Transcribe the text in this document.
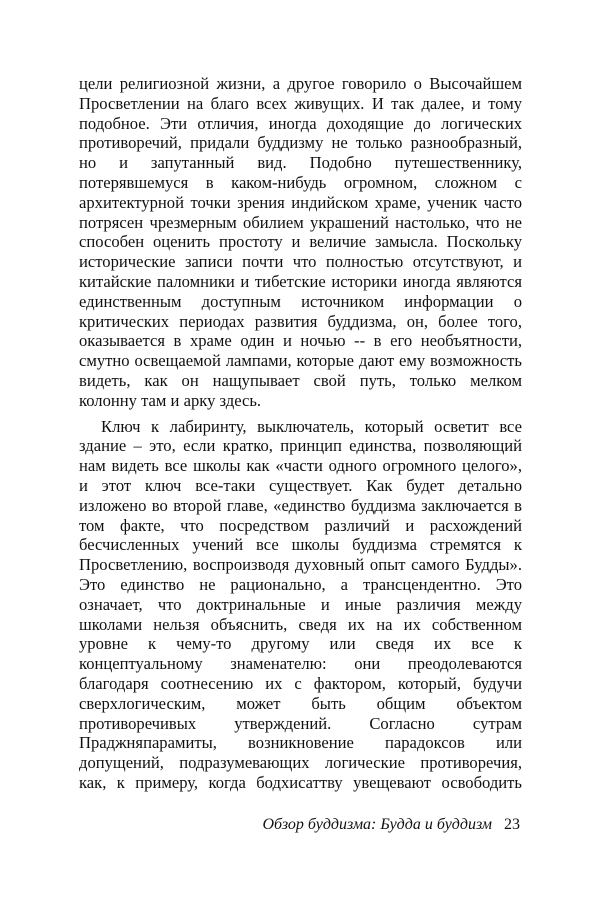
цели религиозной жизни, а другое говорило о Высочайшем
Просветлении на благо всех живущих. И так далее, и тому
подобное. Эти отличия, иногда доходящие до логических
противоречий, придали буддизму не только разнообразный,
но и запутанный вид. Подобно путешественнику,
потерявшемуся в каком-нибудь огромном, сложном с
архитектурной точки зрения индийском храме, ученик часто
потрясен чрезмерным обилием украшений настолько, что не
способен оценить простоту и величие замысла. Поскольку
исторические записи почти что полностью отсутствуют, и
китайские паломники и тибетские историки иногда являются
единственным доступным источником информации о
критических периодах развития буддизма, он, более того,
оказывается в храме один и ночью -- в его необъятности,
смутно освещаемой лампами, которые дают ему возможность
видеть, как он нащупывает свой путь, только мелком
колонну там и арку здесь.
Ключ к лабиринту, выключатель, который осветит все
здание – это, если кратко, принцип единства, позволяющий
нам видеть все школы как «части одного огромного целого»,
и этот ключ все-таки существует. Как будет детально
изложено во второй главе, «единство буддизма заключается в
том факте, что посредством различий и расхождений
бесчисленных учений все школы буддизма стремятся к
Просветлению, воспроизводя духовный опыт самого Будды».
Это единство не рационально, а трансцендентно. Это
означает, что доктринальные и иные различия между
школами нельзя объяснить, сведя их на их собственном
уровне к чему-то другому или сведя их все к
концептуальному знаменателю: они преодолеваются
благодаря соотнесению их с фактором, который, будучи
сверхлогическим, может быть общим объектом
противоречивых утверждений. Согласно сутрам
Праджняпарамиты, возникновение парадоксов или
допущений, подразумевающих логические противоречия,
как, к примеру, когда бодхисаттву увещевают освободить
Обзор буддизма: Будда и буддизм 23
